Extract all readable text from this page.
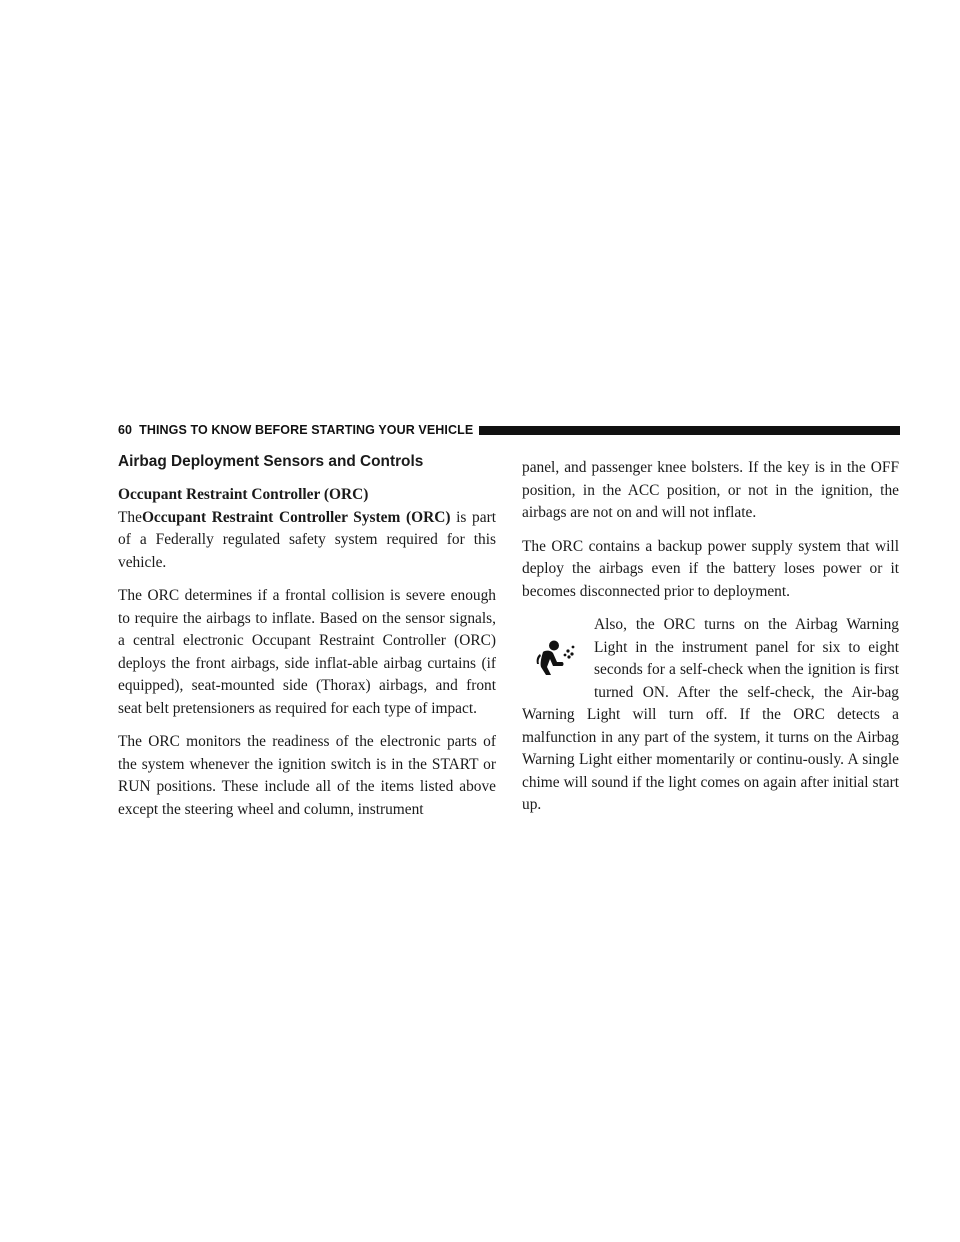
60 THINGS TO KNOW BEFORE STARTING YOUR VEHICLE
Airbag Deployment Sensors and Controls
Occupant Restraint Controller (ORC)

TheOccupant Restraint Controller System (ORC) is part of a Federally regulated safety system required for this vehicle.

The ORC determines if a frontal collision is severe enough to require the airbags to inflate. Based on the sensor signals, a central electronic Occupant Restraint Controller (ORC) deploys the front airbags, side inflat-able airbag curtains (if equipped), seat-mounted side (Thorax) airbags, and front seat belt pretensioners as required for each type of impact.

The ORC monitors the readiness of the electronic parts of the system whenever the ignition switch is in the START or RUN positions. These include all of the items listed above except the steering wheel and column, instrument

panel, and passenger knee bolsters. If the key is in the OFF position, in the ACC position, or not in the ignition, the airbags are not on and will not inflate.

The ORC contains a backup power supply system that will deploy the airbags even if the battery loses power or it becomes disconnected prior to deployment.

Also, the ORC turns on the Airbag Warning Light in the instrument panel for six to eight seconds for a self-check when the ignition is first turned ON. After the self-check, the Air-bag Warning Light will turn off. If the ORC detects a malfunction in any part of the system, it turns on the Airbag Warning Light either momentarily or continu-ously. A single chime will sound if the light comes on again after initial start up.
